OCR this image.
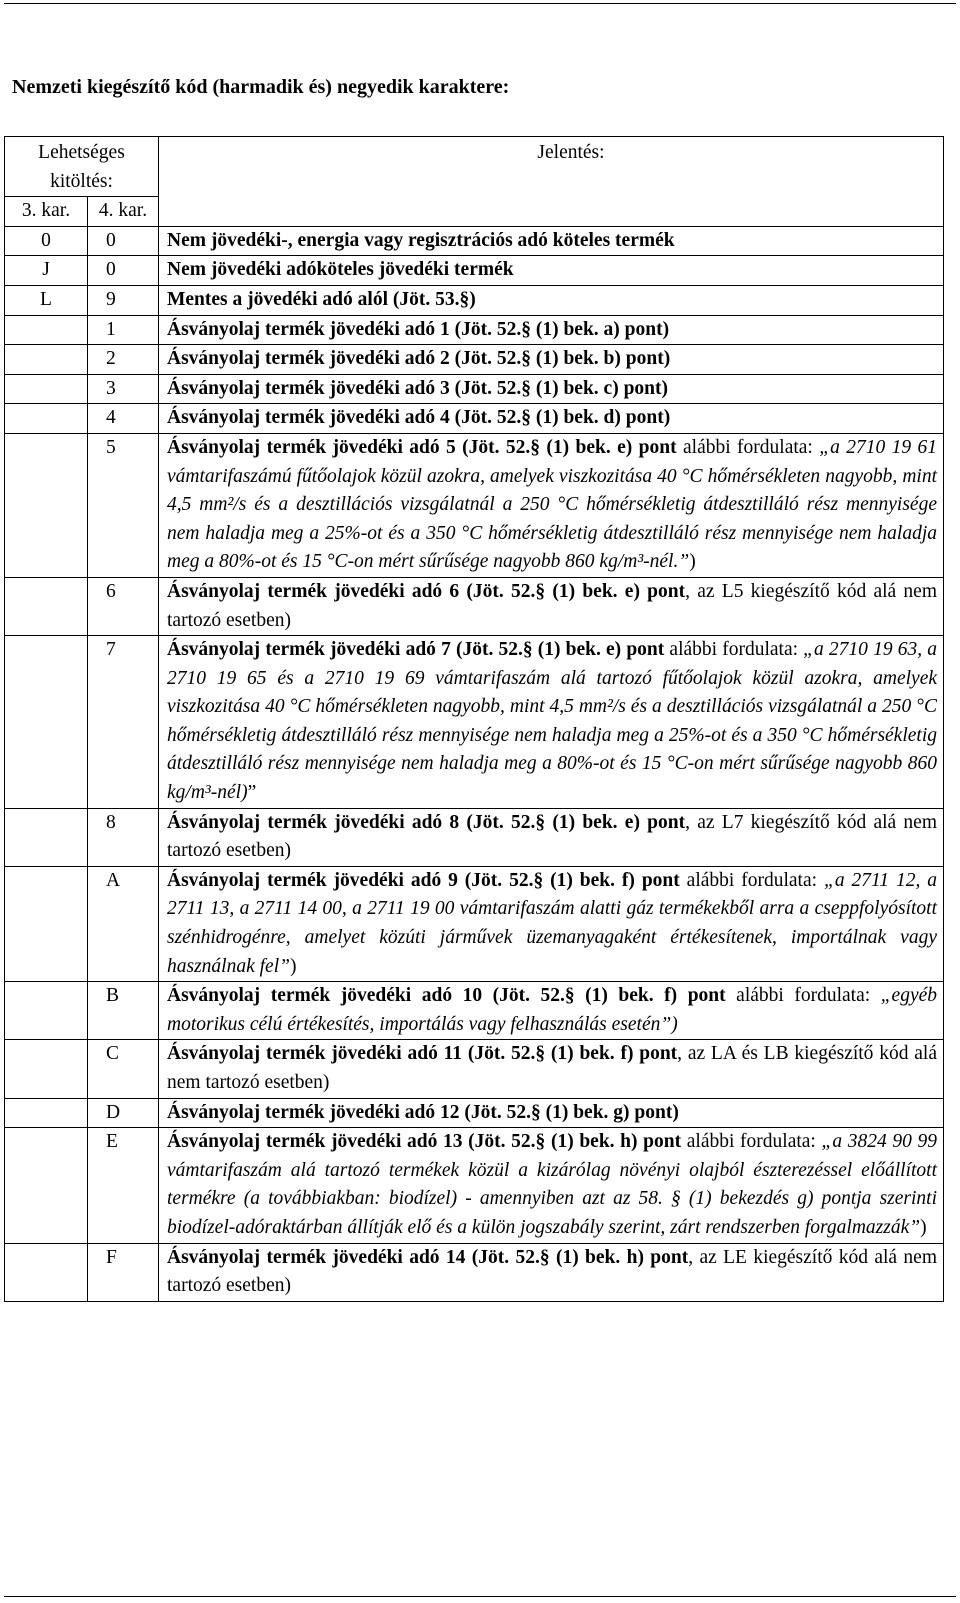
Nemzeti kiegészítő kód (harmadik és) negyedik karaktere:
Lehetséges kitöltés:		Jelentés:
3. kar.	4. kar.	
0	0	Nem jövedéki-, energia vagy regisztrációs adó köteles termék
J	0	Nem jövedéki adóköteles jövedéki termék
L	9	Mentes a jövedéki adó alól (Jöt. 53.§)
	1	Ásványolaj termék jövedéki adó 1 (Jöt. 52.§ (1) bek. a) pont)
	2	Ásványolaj termék jövedéki adó 2 (Jöt. 52.§ (1) bek. b) pont)
	3	Ásványolaj termék jövedéki adó 3 (Jöt. 52.§ (1) bek. c) pont)
	4	Ásványolaj termék jövedéki adó 4 (Jöt. 52.§ (1) bek. d) pont)
	5	Ásványolaj termék jövedéki adó 5 (Jöt. 52.§ (1) bek. e) pont alábbi fordulata: „a 2710 19 61 vámtarifaszámú fűtőolajok közül azokra, amelyek viszkozitása 40 °C hőmérsékleten nagyobb, mint 4,5 mm²/s és a desztillációs vizsgálatnál a 250 °C hőmérsékletig átdesztilláló rész mennyisége nem haladja meg a 25%-ot és a 350 °C hőmérsékletig átdesztilláló rész mennyisége nem haladja meg a 80%-ot és 15 °C-on mért sűrűsége nagyobb 860 kg/m³-nél.”)
	6	Ásványolaj termék jövedéki adó 6 (Jöt. 52.§ (1) bek. e) pont, az L5 kiegészítő kód alá nem tartozó esetben)
	7	Ásványolaj termék jövedéki adó 7 (Jöt. 52.§ (1) bek. e) pont alábbi fordulata: „a 2710 19 63, a 2710 19 65 és a 2710 19 69 vámtarifaszám alá tartozó fűtőolajok közül azokra, amelyek viszkozitása 40 °C hőmérsékleten nagyobb, mint 4,5 mm²/s és a desztillációs vizsgálatnál a 250 °C hőmérsékletig átdesztilláló rész mennyisége nem haladja meg a 25%-ot és a 350 °C hőmérsékletig átdesztilláló rész mennyisége nem haladja meg a 80%-ot és 15 °C-on mért sűrűsége nagyobb 860 kg/m³-nél)”
	8	Ásványolaj termék jövedéki adó 8 (Jöt. 52.§ (1) bek. e) pont, az L7 kiegészítő kód alá nem tartozó esetben)
	A	Ásványolaj termék jövedéki adó 9 (Jöt. 52.§ (1) bek. f) pont alábbi fordulata: „a 2711 12, a 2711 13, a 2711 14 00, a 2711 19 00 vámtarifaszám alatti gáz termékekből arra a cseppfolyósított szénhidrogénre, amelyet közúti járművek üzemanyagaként értékesítenek, importálnak vagy használnak fel”)
	B	Ásványolaj termék jövedéki adó 10 (Jöt. 52.§ (1) bek. f) pont alábbi fordulata: „egyéb motorikus célú értékesítés, importálás vagy felhasználás esetén”)
	C	Ásványolaj termék jövedéki adó 11 (Jöt. 52.§ (1) bek. f) pont, az LA és LB kiegészítő kód alá nem tartozó esetben)
	D	Ásványolaj termék jövedéki adó 12 (Jöt. 52.§ (1) bek. g) pont)
	E	Ásványolaj termék jövedéki adó 13 (Jöt. 52.§ (1) bek. h) pont alábbi fordulata: „a 3824 90 99 vámtarifaszám alá tartozó termékek közül a kizárólag növényi olajból észterezéssel előállított termékre (a továbbiakban: biodízel) - amennyiben azt az 58. § (1) bekezdés g) pontja szerinti biodízel-adóraktárban állítják elő és a külön jogszabály szerint, zárt rendszerben forgalmazzák”)
	F	Ásványolaj termék jövedéki adó 14 (Jöt. 52.§ (1) bek. h) pont, az LE kiegészítő kód alá nem tartozó esetben)
